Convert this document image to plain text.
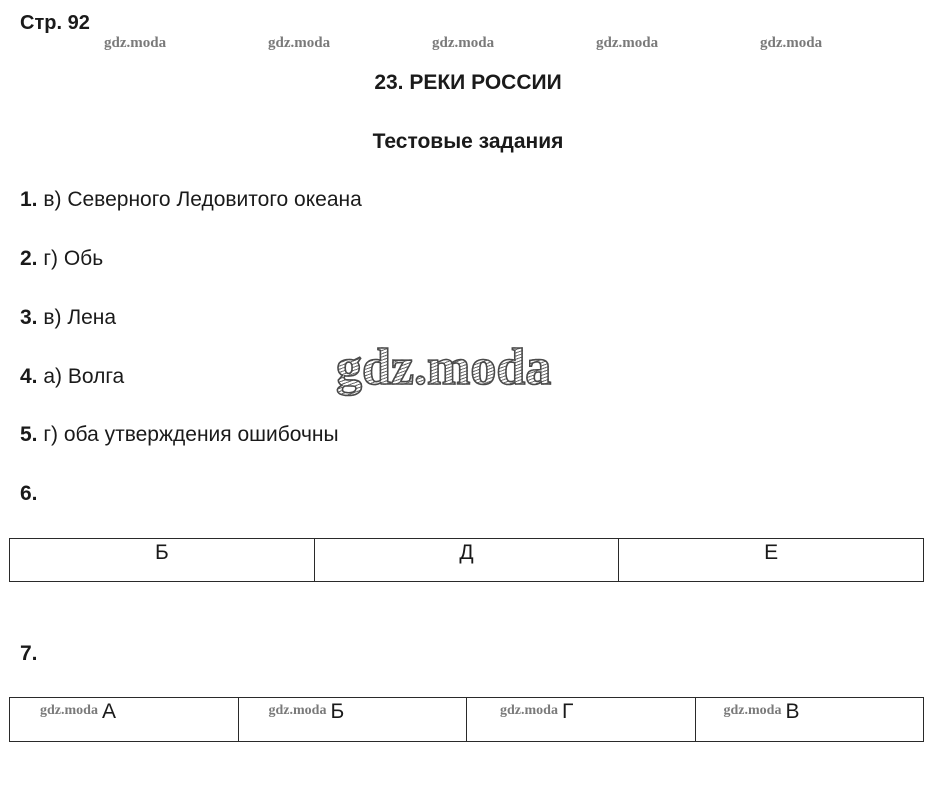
Стр. 92
gdz.moda	gdz.moda	gdz.moda	gdz.moda	gdz.moda
23. РЕКИ РОССИИ
Тестовые задания
1. в) Северного Ледовитого океана
2. г) Обь
3. в) Лена
4. а) Волга
5. г) оба утверждения ошибочны
6.
gdz.moda
Б	Д	Е
7.
gdz.moda А	gdz.moda Б	gdz.moda Г	gdz.moda В
